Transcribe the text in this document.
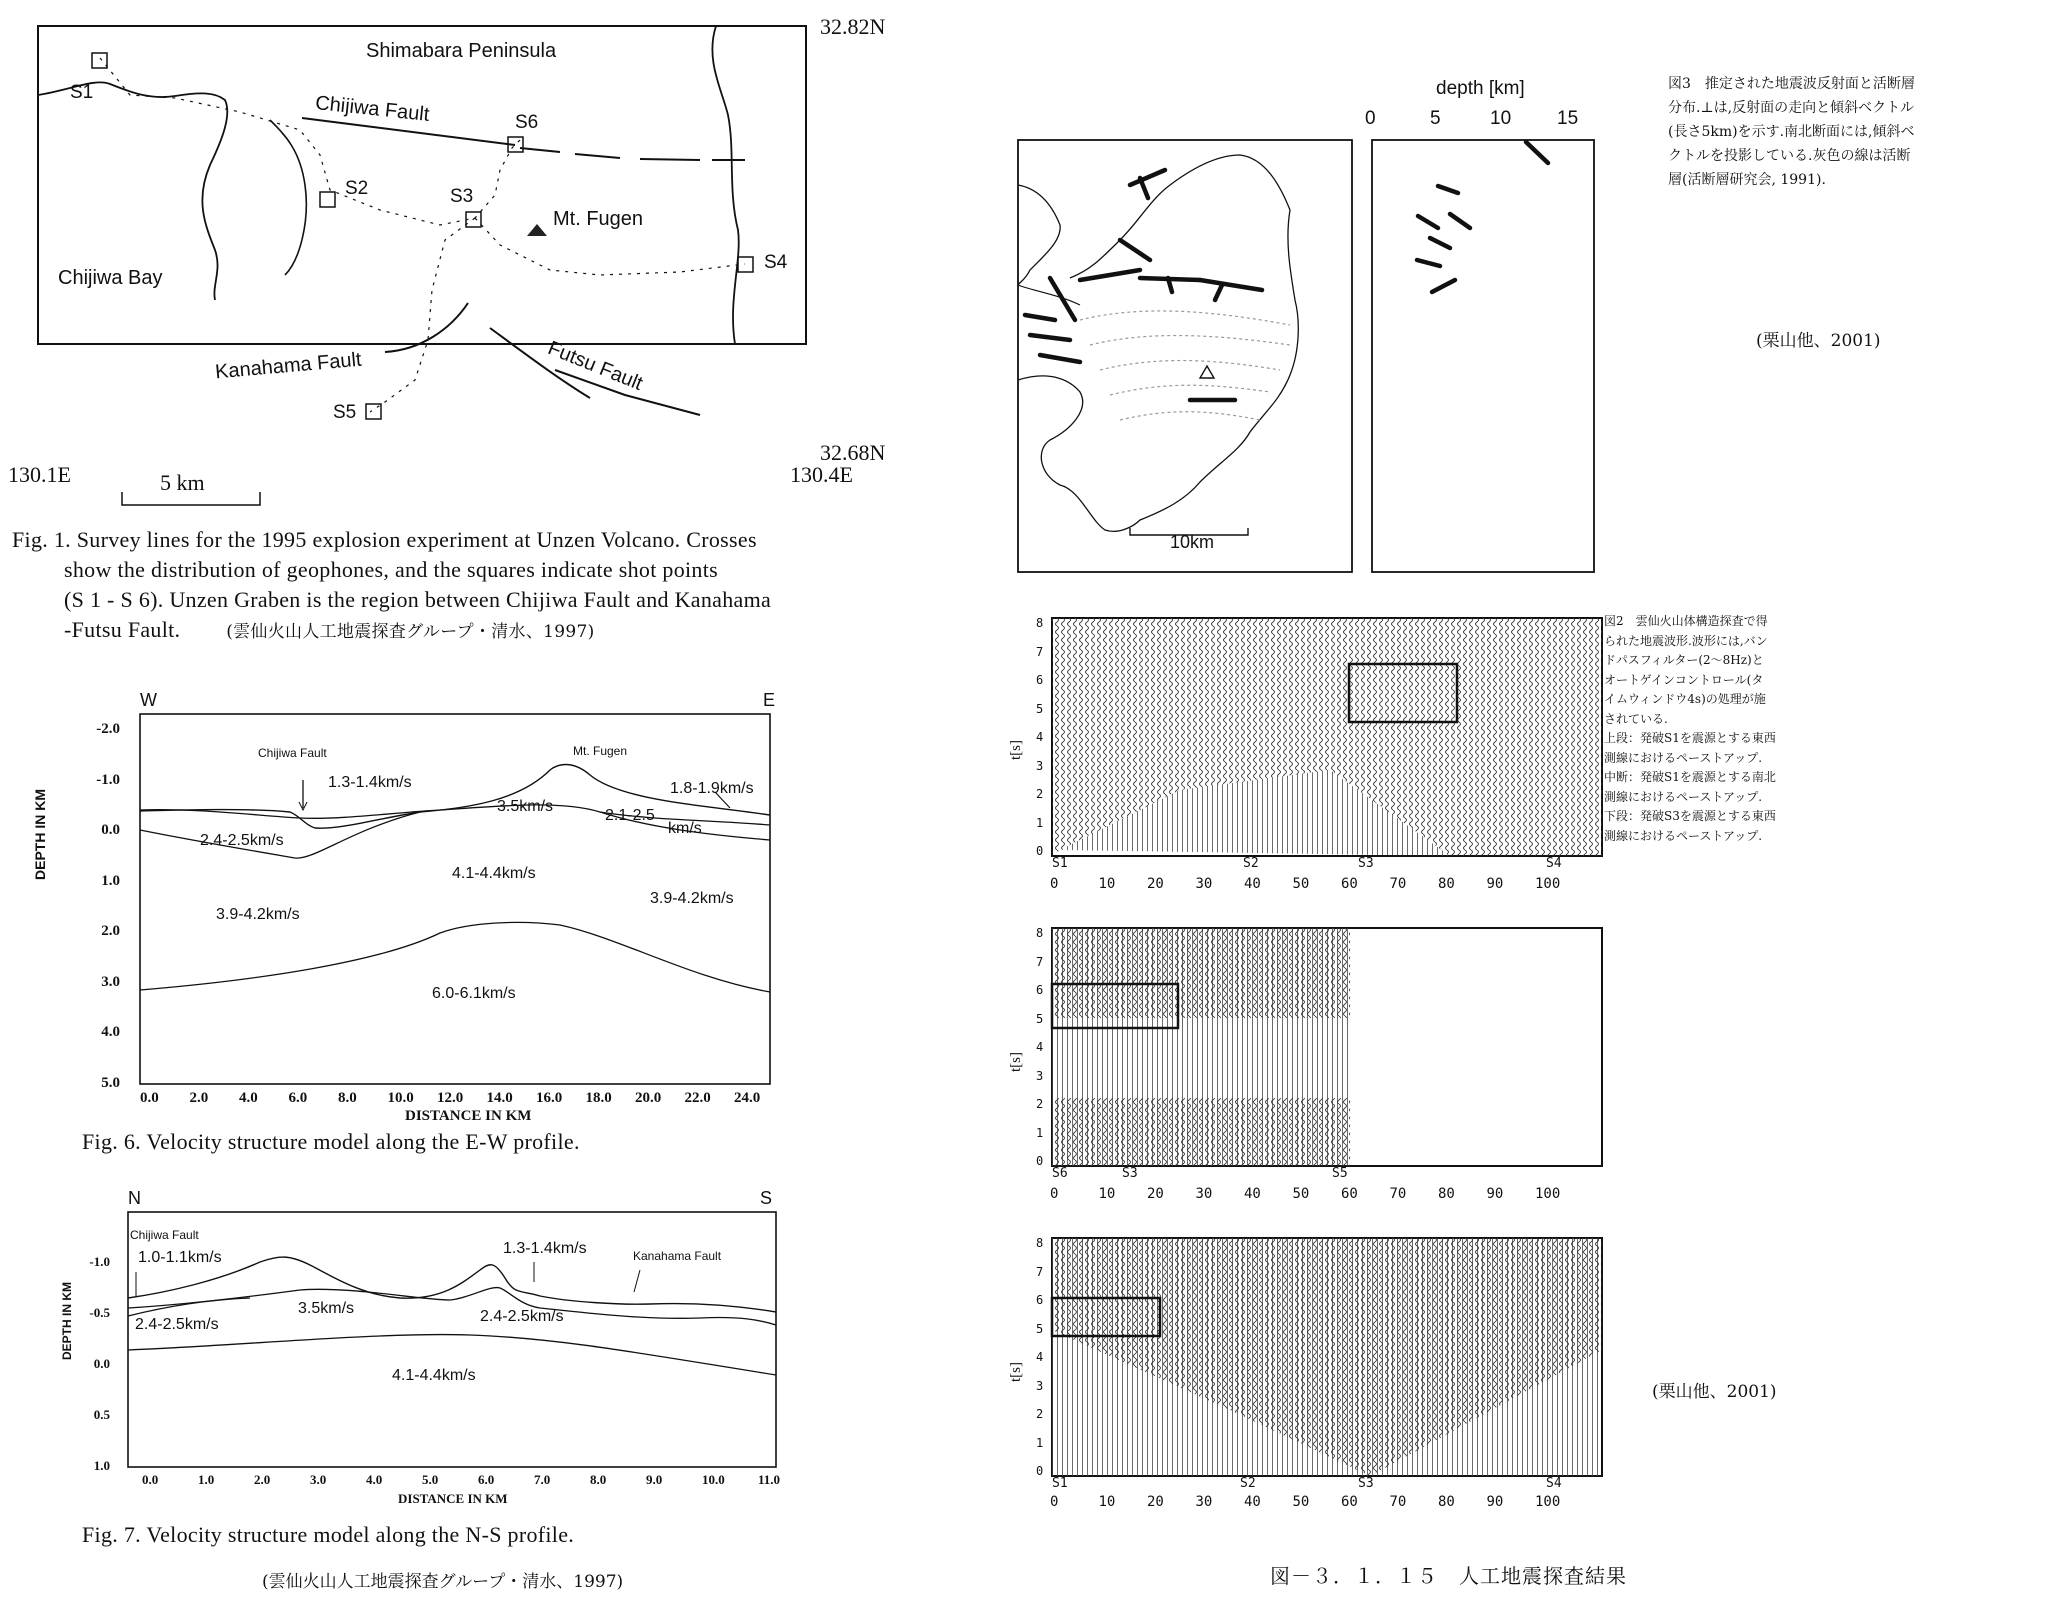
32.82N
32.68N
130.1E	130.4E
5 km
Shimabara Peninsula
Chijiwa Bay
Chijiwa Fault
Kanahama Fault	Futsu Fault
Mt. Fugen
S1
S2	S3
S4
S5
S6
Fig. 1. Survey lines for the 1995 explosion experiment at Unzen Volcano. Crosses
show the distribution of geophones, and the squares indicate shot points
(S 1 - S 6). Unzen Graben is the region between Chijiwa Fault and Kanahama
-Futsu Fault.	(雲仙火山人工地震探査グループ・清水、1997)
W	E
DEPTH IN KM
-2.0
-1.0
0.0
1.0
2.0
3.0
4.0
5.0
0.0	2.0	4.0	6.0	8.0	10.0	12.0	14.0	16.0	18.0	20.0	22.0	24.0
DISTANCE IN KM
Chijiwa Fault	Mt. Fugen
1.3-1.4km/s
3.5km/s
1.8-1.9km/s
2.1-2.5
km/s
2.4-2.5km/s
4.1-4.4km/s
3.9-4.2km/s
3.9-4.2km/s
6.0-6.1km/s
Fig. 6. Velocity structure model along the E-W profile.
N	S
DEPTH IN KM
-1.0
-0.5
0.0
0.5
1.0
0.0	1.0	2.0	3.0	4.0	5.0	6.0	7.0	8.0	9.0	10.0	11.0
DISTANCE IN KM
Chijiwa Fault
Kanahama Fault
1.0-1.1km/s
1.3-1.4km/s
2.4-2.5km/s
3.5km/s	2.4-2.5km/s
4.1-4.4km/s
Fig. 7. Velocity structure model along the N-S profile.
(雲仙火山人工地震探査グループ・清水、1997)
depth [km]
0	5	10 15
10km
図3　推定された地震波反射面と活断層
分布.⊥は,反射面の走向と傾斜ベクトル
(長さ5km)を示す.南北断面には,傾斜ベ
クトルを投影している.灰色の線は活断
層(活断層研究会, 1991).
(栗山他、2001)
t[s]
t[s]
t[s]
8
7
6
5
4
3
2
1
0
8
7
6
5
4
3
2
1
0
8
7
6
5
4
3
2
1
0
S1	S2	S3	S4
S6	S3	S5
S1	S2	S3	S4
0	10	20	30	40	50	60	70	80	90	100
0	10	20	30	40	50	60	70	80	90	100
0	10	20	30	40	50	60	70	80	90	100
図2　雲仙火山体構造探査で得
られた地震波形.波形には,バン
ドパスフィルター(2～8Hz)と
オートゲインコントロール(タ
イムウィンドウ4s)の処理が施
されている.
上段：発破S1を震源とする東西
測線におけるペーストアップ.
中断：発破S1を震源とする南北
測線におけるペーストアップ.
下段：発破S3を震源とする東西
測線におけるペーストアップ.
(栗山他、2001)
図－３．１．１５　人工地震探査結果
